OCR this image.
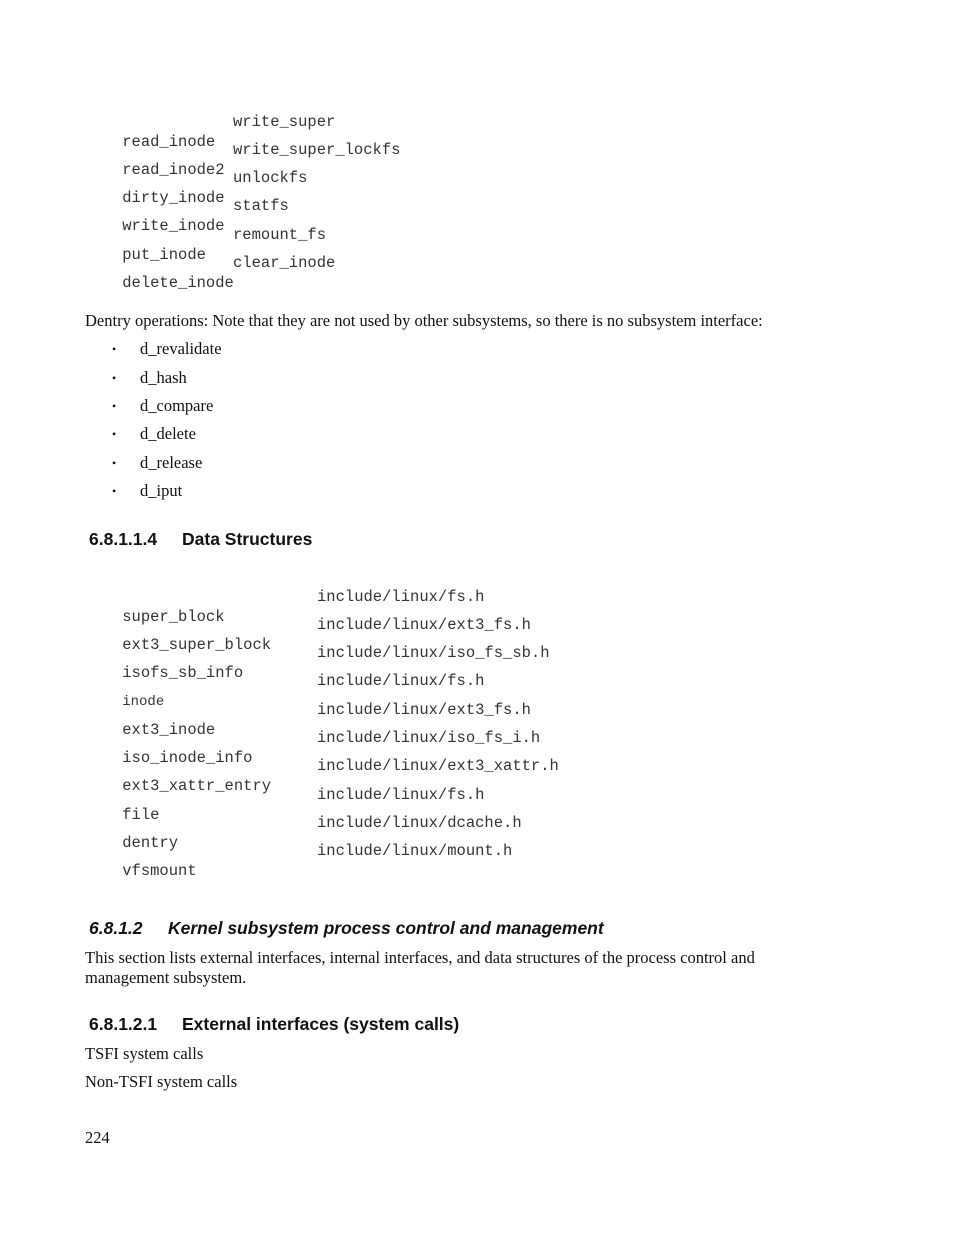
read_inode

write_super

read_inode2

write_super_lockfs

dirty_inode

unlockfs

write_inode

statfs

put_inode

remount_fs

delete_inode

clear_inode

Dentry operations: Note that they are not used by other subsystems, so there is no subsystem interface:
• d_revalidate
• d_hash
• d_compare
• d_delete
• d_release
• d_iput
6.8.1.1.4 Data Structures

super_block

include/linux/fs.h

ext3_super_block

include/linux/ext3_fs.h

isofs_sb_info

include/linux/iso_fs_sb.h

inode

include/linux/fs.h

ext3_inode

include/linux/ext3_fs.h

iso_inode_info

include/linux/iso_fs_i.h

ext3_xattr_entry

include/linux/ext3_xattr.h

file

include/linux/fs.h

dentry

include/linux/dcache.h

vfsmount

include/linux/mount.h

6.8.1.2 Kernel subsystem process control and management
This section lists external interfaces, internal interfaces, and data structures of the process control and management subsystem.
6.8.1.2.1 External interfaces (system calls)
TSFI system calls
Non-TSFI system calls
224
